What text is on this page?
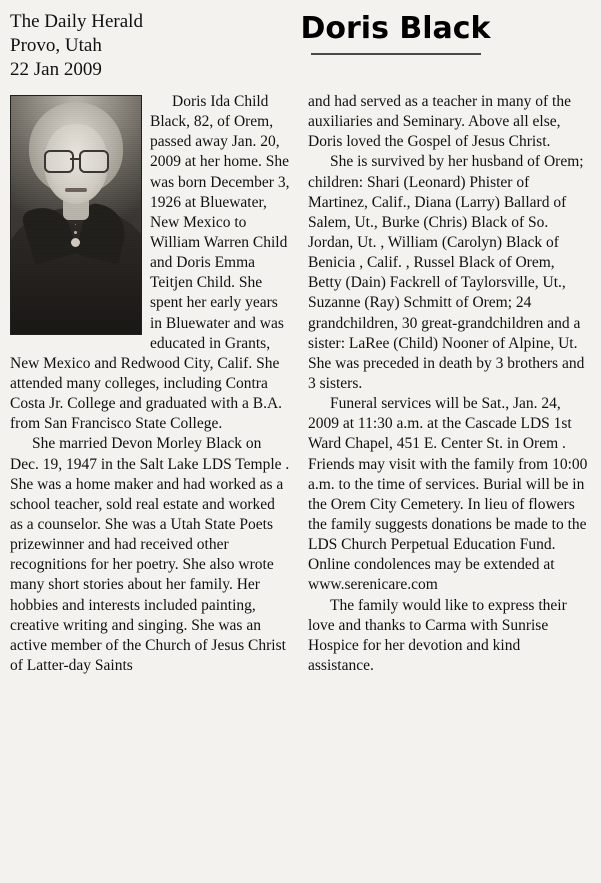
The Daily Herald
Provo, Utah
22 Jan 2009
Doris Black

Doris Ida Child Black, 82, of Orem, passed away Jan. 20, 2009 at her home. She was born December 3, 1926 at Bluewater, New Mexico to William Warren Child and Doris Emma Teitjen Child. She spent her early years in Bluewater and was educated in Grants, New Mexico and Redwood City, Calif. She attended many colleges, including Contra Costa Jr. College and graduated with a B.A. from San Francisco State College.

She married Devon Morley Black on Dec. 19, 1947 in the Salt Lake LDS Temple . She was a home maker and had worked as a school teacher, sold real estate and worked as a counselor. She was a Utah State Poets prizewinner and had received other recognitions for her poetry. She also wrote many short stories about her family. Her hobbies and interests included painting, creative writing and singing. She was an active member of the Church of Jesus Christ of Latter-day Saints

and had served as a teacher in many of the auxiliaries and Seminary. Above all else, Doris loved the Gospel of Jesus Christ.

She is survived by her husband of Orem; children: Shari (Leonard) Phister of Martinez, Calif., Diana (Larry) Ballard of Salem, Ut., Burke (Chris) Black of So. Jordan, Ut. , William (Carolyn) Black of Benicia , Calif. , Russel Black of Orem, Betty (Dain) Fackrell of Taylorsville, Ut., Suzanne (Ray) Schmitt of Orem; 24 grandchildren, 30 great-grandchildren and a sister: LaRee (Child) Nooner of Alpine, Ut. She was preceded in death by 3 brothers and 3 sisters.

Funeral services will be Sat., Jan. 24, 2009 at 11:30 a.m. at the Cascade LDS 1st Ward Chapel, 451 E. Center St. in Orem . Friends may visit with the family from 10:00 a.m. to the time of services. Burial will be in the Orem City Cemetery. In lieu of flowers the family suggests donations be made to the LDS Church Perpetual Education Fund. Online condolences may be extended at www.serenicare.com

The family would like to express their love and thanks to Carma with Sunrise Hospice for her devotion and kind assistance.
